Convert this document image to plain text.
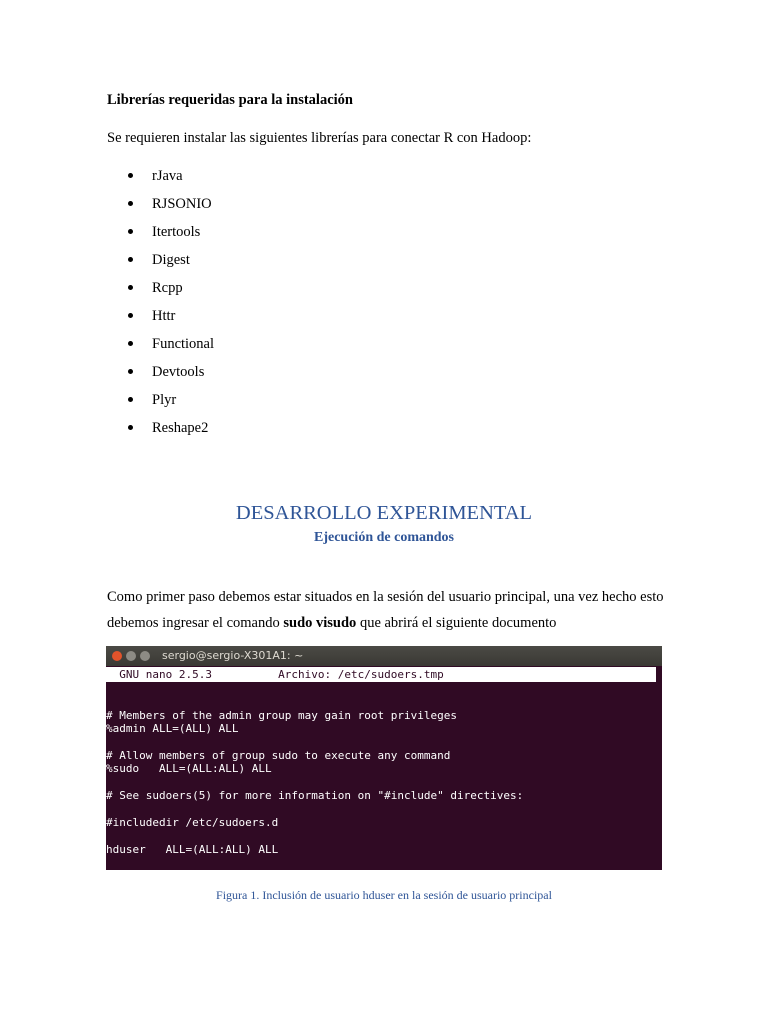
Librerías requeridas para la instalación
Se requieren instalar las siguientes librerías para conectar R con Hadoop:
rJava
RJSONIO
Itertools
Digest
Rcpp
Httr
Functional
Devtools
Plyr
Reshape2
DESARROLLO EXPERIMENTAL
Ejecución de comandos
Como primer paso debemos estar situados en la sesión del usuario principal, una vez hecho esto debemos ingresar el comando sudo visudo que abrirá el siguiente documento
sergio@sergio-X301A1: ~
GNU nano 2.5.3          Archivo: /etc/sudoers.tmp
# Members of the admin group may gain root privileges
%admin ALL=(ALL) ALL
# Allow members of group sudo to execute any command
%sudo   ALL=(ALL:ALL) ALL
# See sudoers(5) for more information on "#include" directives:
#includedir /etc/sudoers.d
hduser   ALL=(ALL:ALL) ALL
Figura 1. Inclusión de usuario hduser en la sesión de usuario principal
